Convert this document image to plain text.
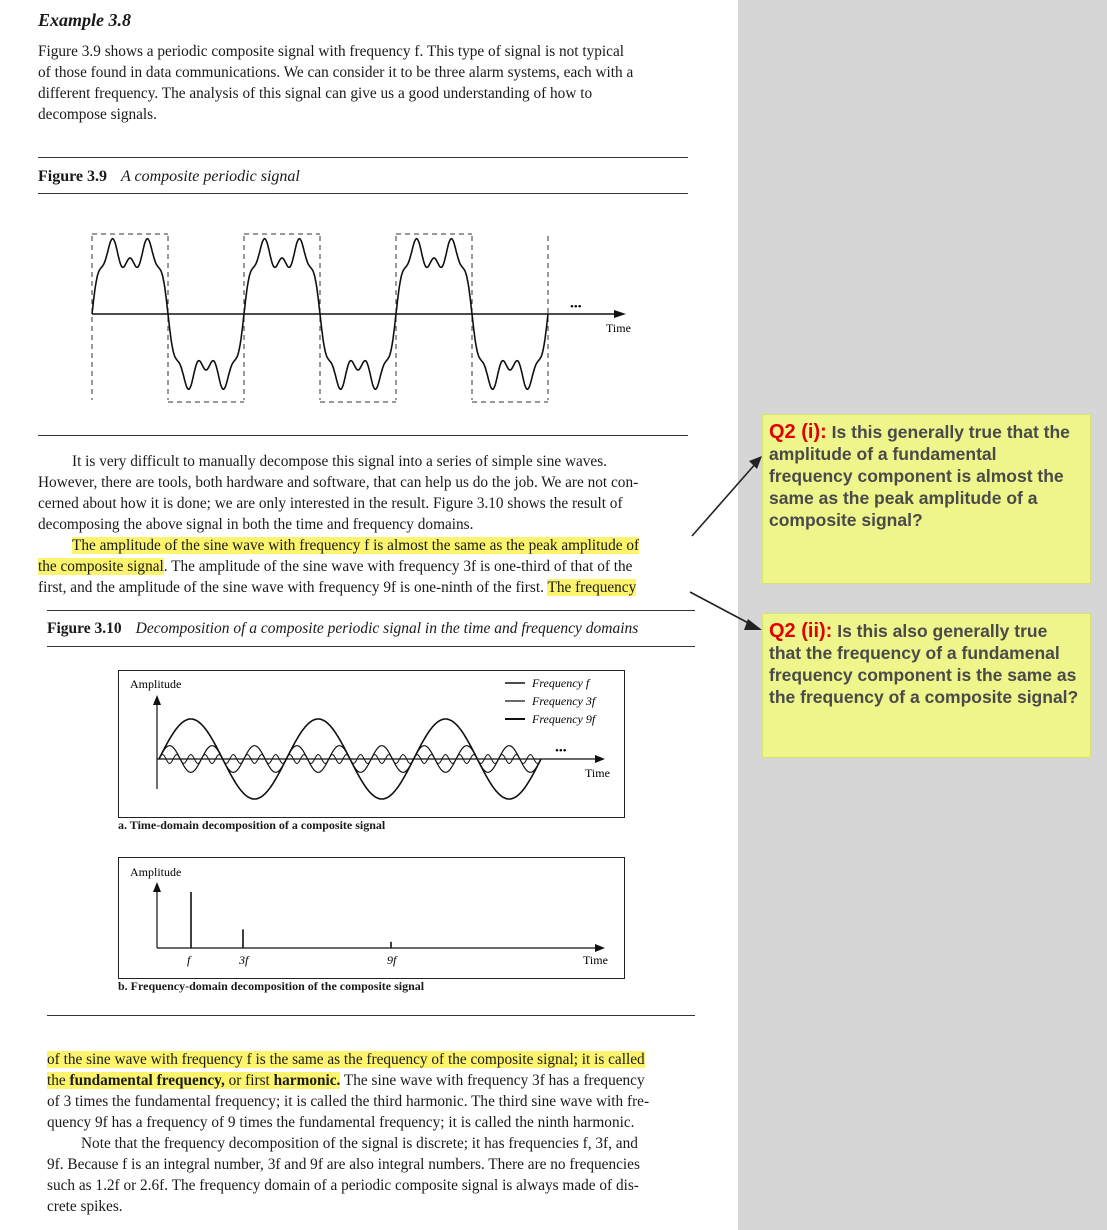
Example 3.8

Figure 3.9 shows a periodic composite signal with frequency f. This type of signal is not typical
of those found in data communications. We can consider it to be three alarm systems, each with a
different frequency. The analysis of this signal can give us a good understanding of how to
decompose signals.

Figure 3.9 A composite periodic signal
•••
Time

It is very difficult to manually decompose this signal into a series of simple sine waves.
However, there are tools, both hardware and software, that can help us do the job. We are not con-
cerned about how it is done; we are only interested in the result. Figure 3.10 shows the result of
decomposing the above signal in both the time and frequency domains.
The amplitude of the sine wave with frequency f is almost the same as the peak amplitude of
the composite signal. The amplitude of the sine wave with frequency 3f is one-third of that of the
first, and the amplitude of the sine wave with frequency 9f is one-ninth of the first. The frequency

Figure 3.10 Decomposition of a composite periodic signal in the time and frequency domains
Amplitude	Frequency f
Frequency 3f
Frequency 9f
•••
Time
a. Time-domain decomposition of a composite signal
Amplitude
f	3f	9f	Time
b. Frequency-domain decomposition of the composite signal

of the sine wave with frequency f is the same as the frequency of the composite signal; it is called
the fundamental frequency, or first harmonic. The sine wave with frequency 3f has a frequency
of 3 times the fundamental frequency; it is called the third harmonic. The third sine wave with fre-
quency 9f has a frequency of 9 times the fundamental frequency; it is called the ninth harmonic.
Note that the frequency decomposition of the signal is discrete; it has frequencies f, 3f, and
9f. Because f is an integral number, 3f and 9f are also integral numbers. There are no frequencies
such as 1.2f or 2.6f. The frequency domain of a periodic composite signal is always made of dis-
crete spikes.

Q2 (i): Is this generally true that the amplitude of a fundamental frequency component is almost the same as the peak amplitude of a composite signal?
Q2 (ii): Is this also generally true that the frequency of a fundamenal frequency component is the same as the frequency of a composite signal?
